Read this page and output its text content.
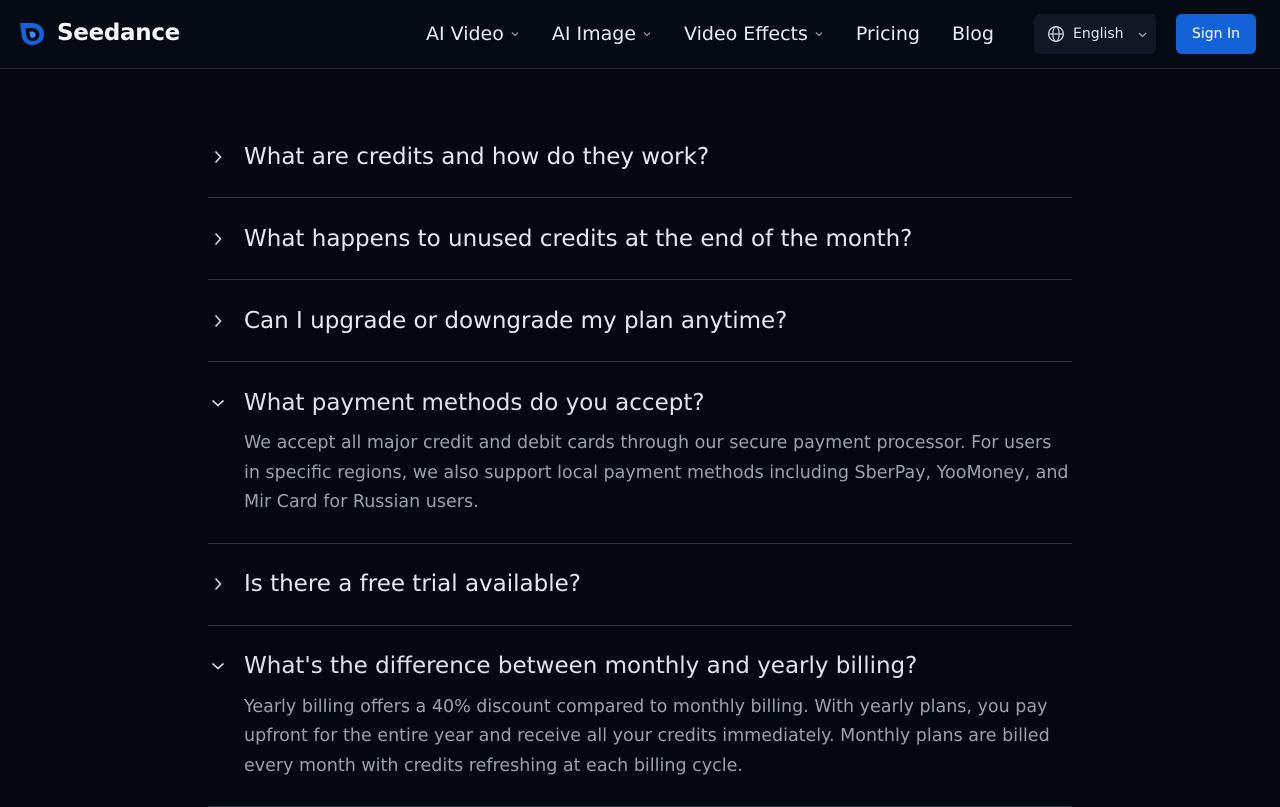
Seedance	AI Video	AI Image	Video Effects	Pricing Blog	English	Sign In
What are credits and how do they work?
What happens to unused credits at the end of the month?
Can I upgrade or downgrade my plan anytime?
What payment methods do you accept?

We accept all major credit and debit cards through our secure payment processor. For users in specific regions, we also support local payment methods including SberPay, YooMoney, and Mir Card for Russian users.

Is there a free trial available?
What's the difference between monthly and yearly billing?

Yearly billing offers a 40% discount compared to monthly billing. With yearly plans, you pay upfront for the entire year and receive all your credits immediately. Monthly plans are billed every month with credits refreshing at each billing cycle.
